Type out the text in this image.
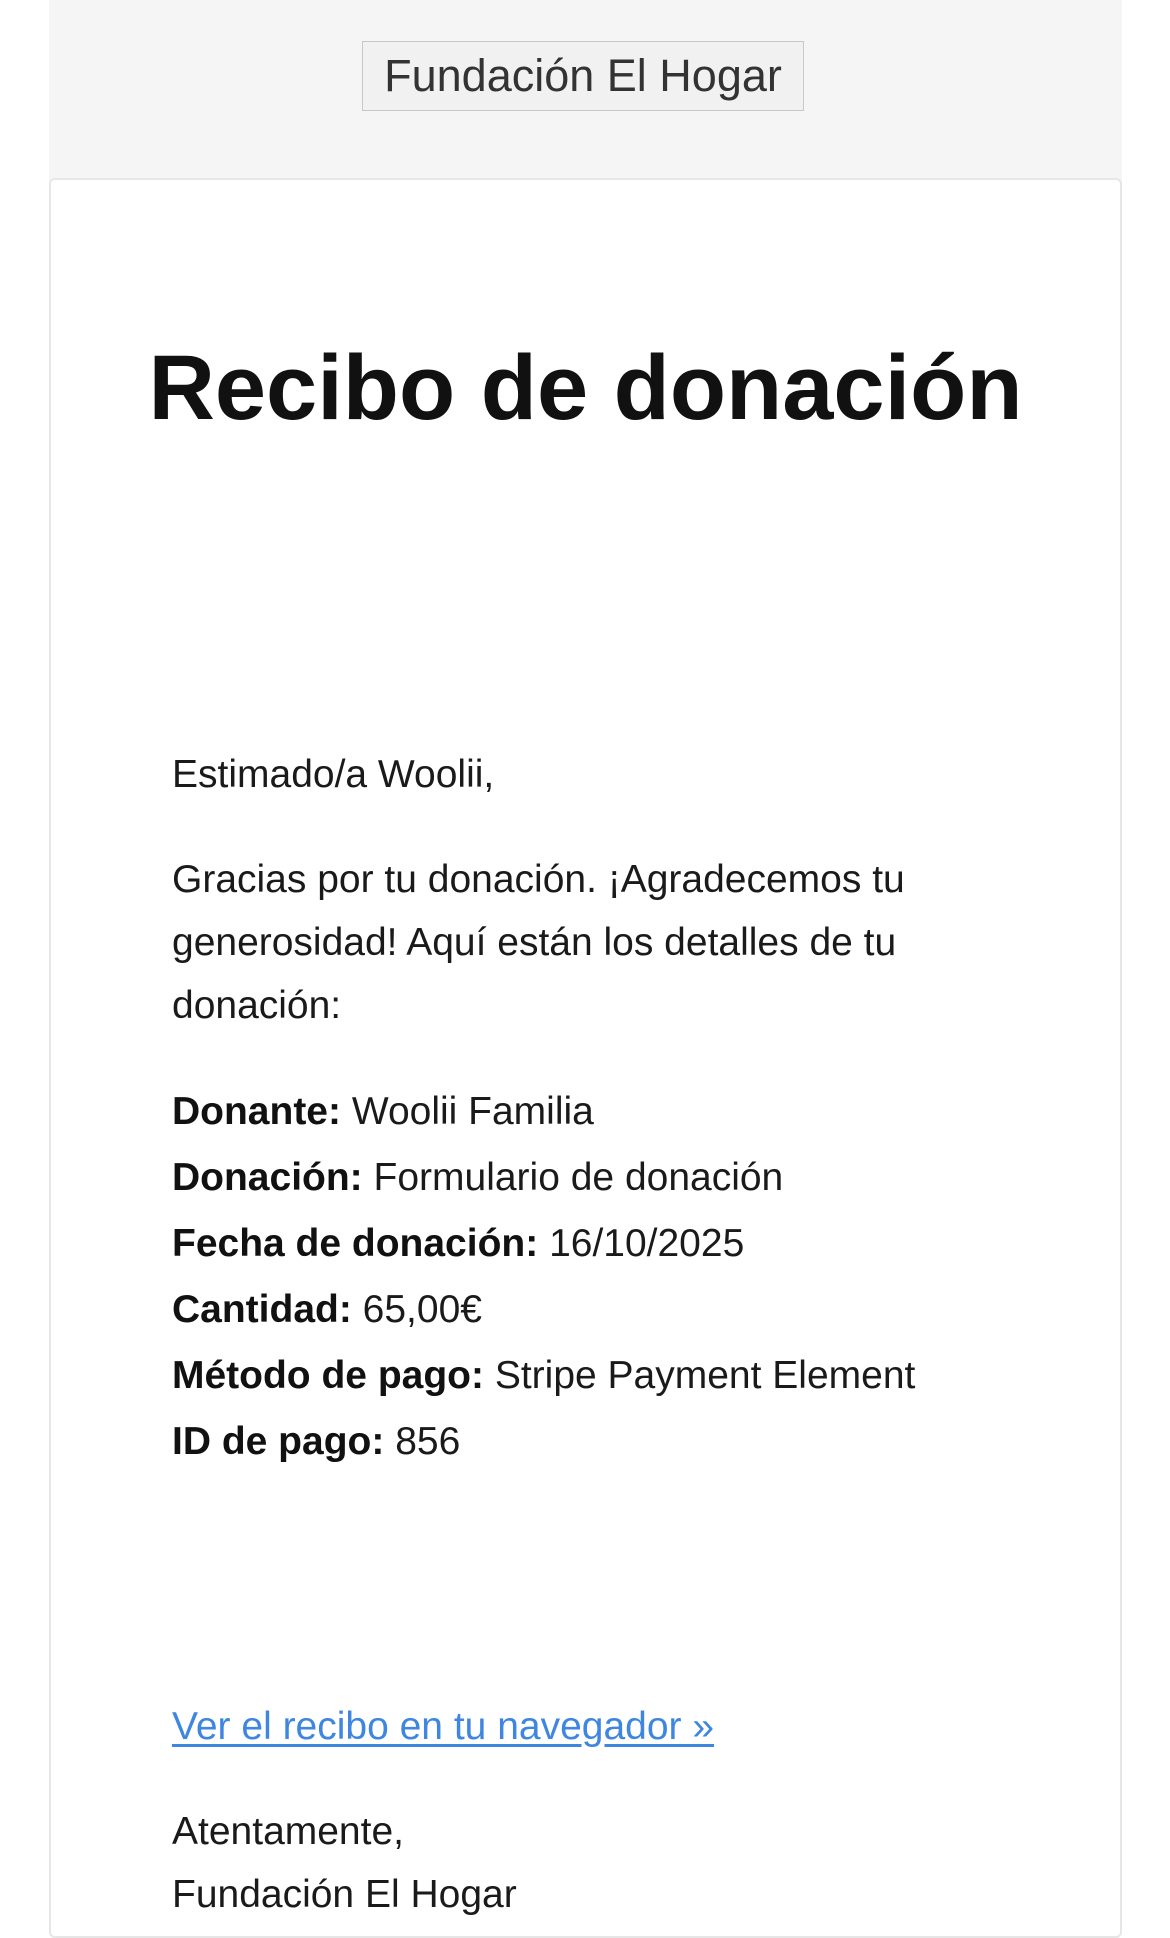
Fundación El Hogar
Recibo de donación

Estimado/a Woolii,

Gracias por tu donación. ¡Agradecemos tu generosidad! Aquí están los detalles de tu donación:

Donante: Woolii Familia
Donación: Formulario de donación
Fecha de donación: 16/10/2025
Cantidad: 65,00€
Método de pago: Stripe Payment Element
ID de pago: 856
Ver el recibo en tu navegador »

Atentamente,
Fundación El Hogar
